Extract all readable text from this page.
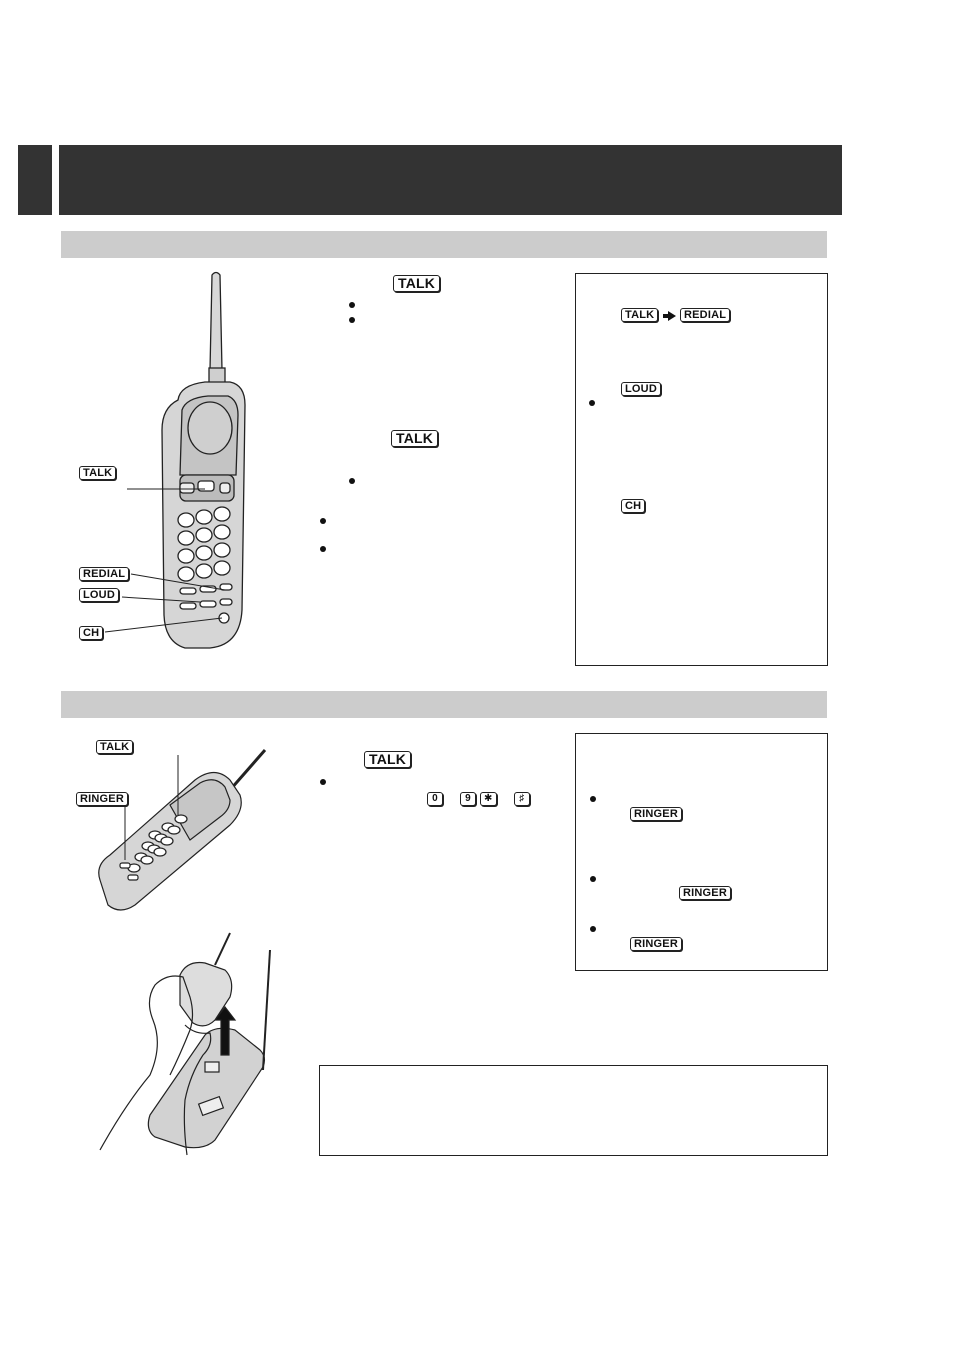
TALK
REDIAL
LOUD
CH
TALK
TALK
TALK	REDIAL
LOUD
CH
TALK
RINGER
TALK
0	9	✱	♯
RINGER
RINGER
RINGER
